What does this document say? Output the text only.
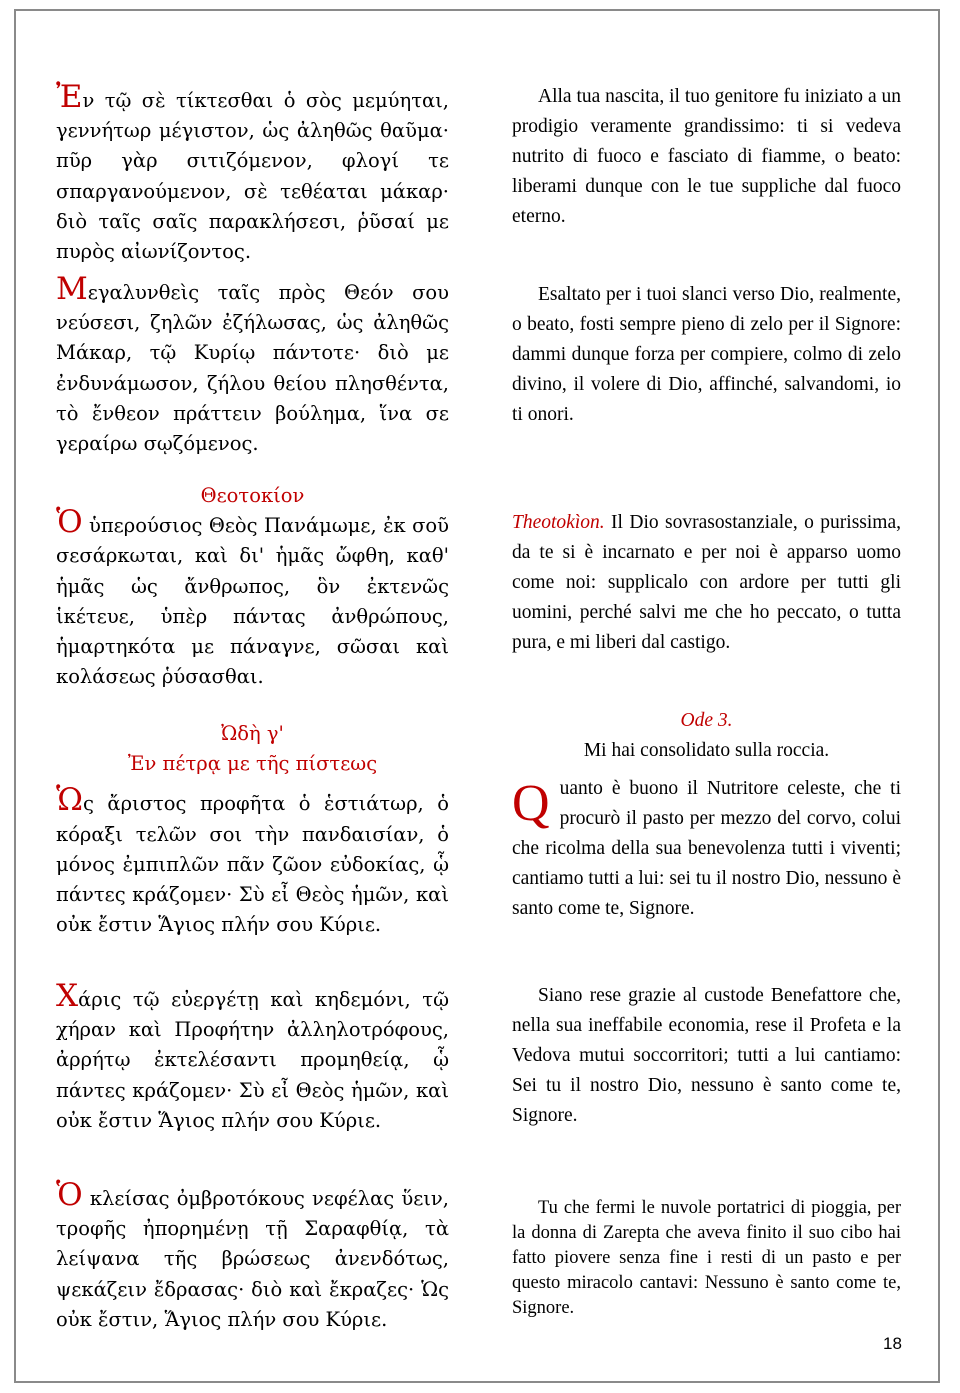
Ἐν τῷ σὲ τίκτεσθαι ὁ σὸς μεμύηται, γεννήτωρ μέγιστον, ὡς ἀληθῶς θαῦμα· πῦρ γὰρ σιτιζόμενον, φλογί τε σπαργανούμενον, σὲ τεθέαται μάκαρ· διὸ ταῖς σαῖς παρακλήσεσι, ῥῦσαί με πυρὸς αἰωνίζοντος.

Μεγαλυνθεὶς ταῖς πρὸς Θεόν σου νεύσεσι, ζηλῶν ἐζήλωσας, ὡς ἀληθῶς Μάκαρ, τῷ Κυρίῳ πάντοτε· διὸ με ἐνδυνάμωσον, ζήλου θείου πλησθέντα, τὸ ἔνθεον πράττειν βούλημα, ἵνα σε γεραίρω σῳζόμενος.

Θεοτοκίον

Ὁ ὑπερούσιος Θεὸς Πανάμωμε, ἐκ σοῦ σεσάρκωται, καὶ δι' ἡμᾶς ὤφθη, καθ' ἡμᾶς ὡς ἄνθρωπος, ὃν ἐκτενῶς ἱκέτευε, ὑπὲρ πάντας ἀνθρώπους, ἡμαρτηκότα με πάναγνε, σῶσαι καὶ κολάσεως ῥύσασθαι.

Ὠδὴ γ'

Ἐν πέτρᾳ με τῆς πίστεως

Ὡς ἄριστος προφῆτα ὁ ἑστιάτωρ, ὁ κόραξι τελῶν σοι τὴν πανδαισίαν, ὁ μόνος ἐμπιπλῶν πᾶν ζῶον εὐδοκίας, ᾧ πάντες κράζομεν· Σὺ εἶ Θεὸς ἡμῶν, καὶ οὐκ ἔστιν Ἅγιος πλήν σου Κύριε.

Χάρις τῷ εὐεργέτῃ καὶ κηδεμόνι, τῷ χήραν καὶ Προφήτην ἀλληλοτρόφους, ἀρρήτῳ ἐκτελέσαντι προμηθείᾳ, ᾧ πάντες κράζομεν· Σὺ εἶ Θεὸς ἡμῶν, καὶ οὐκ ἔστιν Ἅγιος πλήν σου Κύριε.

Ὁ κλείσας ὀμβροτόκους νεφέλας ὕειν, τροφῆς ἠπορημένῃ τῇ Σαραφθίᾳ, τὰ λείψανα τῆς βρώσεως ἀνενδότως, ψεκάζειν ἔδρασας· διὸ καὶ ἔκραζες· Ὡς οὐκ ἔστιν, Ἅγιος πλήν σου Κύριε.

Alla tua nascita, il tuo genitore fu iniziato a un prodigio veramente grandissimo: ti si vedeva nutrito di fuoco e fasciato di fiamme, o beato: liberami dunque con le tue suppliche dal fuoco eterno.

Esaltato per i tuoi slanci verso Dio, realmente, o beato, fosti sempre pieno di zelo per il Signore: dammi dunque forza per compiere, colmo di zelo divino, il volere di Dio, affinché, salvandomi, io ti onori.

Theotokìon. Il Dio sovrasostanziale, o purissima, da te si è incarnato e per noi è apparso uomo come noi: supplicalo con ardore per tutti gli uomini, perché salvi me che ho peccato, o tutta pura, e mi liberi dal castigo.

Ode 3.

Mi hai consolidato sulla roccia.

Quanto è buono il Nutritore celeste, che ti procurò il pasto per mezzo del corvo, colui che ricolma della sua benevolenza tutti i viventi; cantiamo tutti a lui: sei tu il nostro Dio, nessuno è santo come te, Signore.

Siano rese grazie al custode Benefattore che, nella sua ineffabile economia, rese il Profeta e la Vedova mutui soccorritori; tutti a lui cantiamo: Sei tu il nostro Dio, nessuno è santo come te, Signore.

Tu che fermi le nuvole portatrici di pioggia, per la donna di Zarepta che aveva finito il suo cibo hai fatto piovere senza fine i resti di un pasto e per questo miracolo cantavi: Nessuno è santo come te, Signore.

18
